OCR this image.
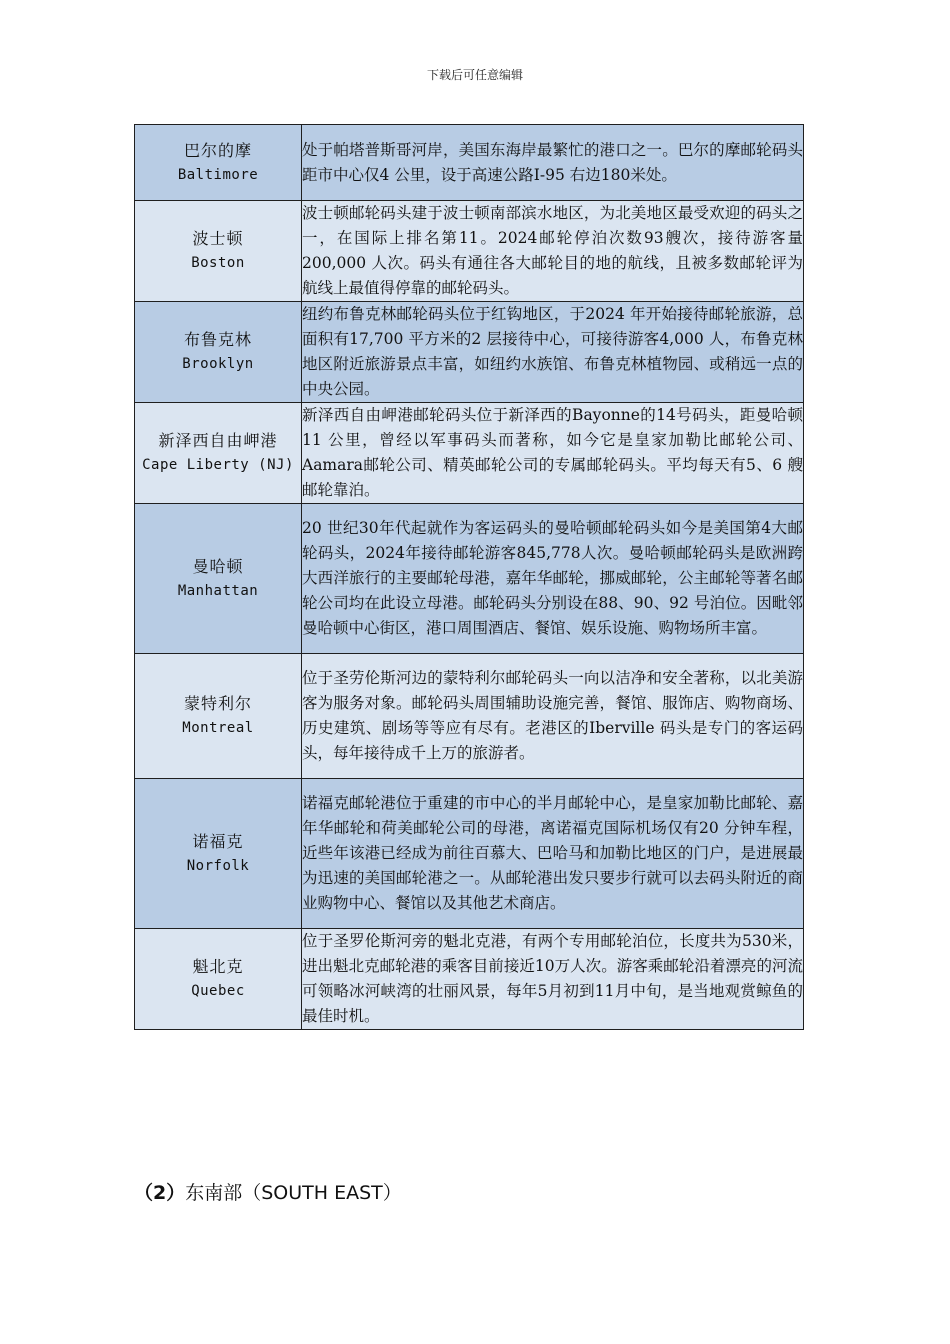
下载后可任意编辑
巴尔的摩
Baltimore	处于帕塔普斯哥河岸，美国东海岸最繁忙的港口之一。巴尔的摩邮轮码头距市中心仅4 公里，设于高速公路I-95 右边180米处。

波士顿
Boston	波士顿邮轮码头建于波士顿南部滨水地区，为北美地区最受欢迎的码头之一，在国际上排名第11。2024邮轮停泊次数93艘次，接待游客量200,000 人次。码头有通往各大邮轮目的地的航线，且被多数邮轮评为航线上最值得停靠的邮轮码头。

布鲁克林
Brooklyn	纽约布鲁克林邮轮码头位于红钩地区，于2024 年开始接待邮轮旅游，总面积有17,700 平方米的2 层接待中心，可接待游客4,000 人，布鲁克林地区附近旅游景点丰富，如纽约水族馆、布鲁克林植物园、或稍远一点的中央公园。

新泽西自由岬港
Cape Liberty (NJ)	新泽西自由岬港邮轮码头位于新泽西的Bayonne的14号码头，距曼哈顿11 公里，曾经以军事码头而著称，如今它是皇家加勒比邮轮公司、Aamara邮轮公司、精英邮轮公司的专属邮轮码头。平均每天有5、6 艘邮轮靠泊。

曼哈顿
Manhattan	20 世纪30年代起就作为客运码头的曼哈顿邮轮码头如今是美国第4大邮轮码头，2024年接待邮轮游客845,778人次。曼哈顿邮轮码头是欧洲跨大西洋旅行的主要邮轮母港，嘉年华邮轮，挪威邮轮，公主邮轮等著名邮轮公司均在此设立母港。邮轮码头分别设在88、90、92 号泊位。因毗邻曼哈顿中心街区，港口周围酒店、餐馆、娱乐设施、购物场所丰富。

蒙特利尔
Montreal	位于圣劳伦斯河边的蒙特利尔邮轮码头一向以洁净和安全著称，以北美游客为服务对象。邮轮码头周围辅助设施完善，餐馆、服饰店、购物商场、历史建筑、剧场等等应有尽有。老港区的Iberville 码头是专门的客运码头，每年接待成千上万的旅游者。

诺福克
Norfolk	诺福克邮轮港位于重建的市中心的半月邮轮中心，是皇家加勒比邮轮、嘉年华邮轮和荷美邮轮公司的母港，离诺福克国际机场仅有20 分钟车程，近些年该港已经成为前往百慕大、巴哈马和加勒比地区的门户，是进展最为迅速的美国邮轮港之一。从邮轮港出发只要步行就可以去码头附近的商业购物中心、餐馆以及其他艺术商店。

魁北克
Quebec	位于圣罗伦斯河旁的魁北克港，有两个专用邮轮泊位，长度共为530米，进出魁北克邮轮港的乘客目前接近10万人次。游客乘邮轮沿着漂亮的河流可领略冰河峡湾的壮丽风景，每年5月初到11月中旬，是当地观赏鲸鱼的最佳时机。
（2）东南部（SOUTH EAST）
